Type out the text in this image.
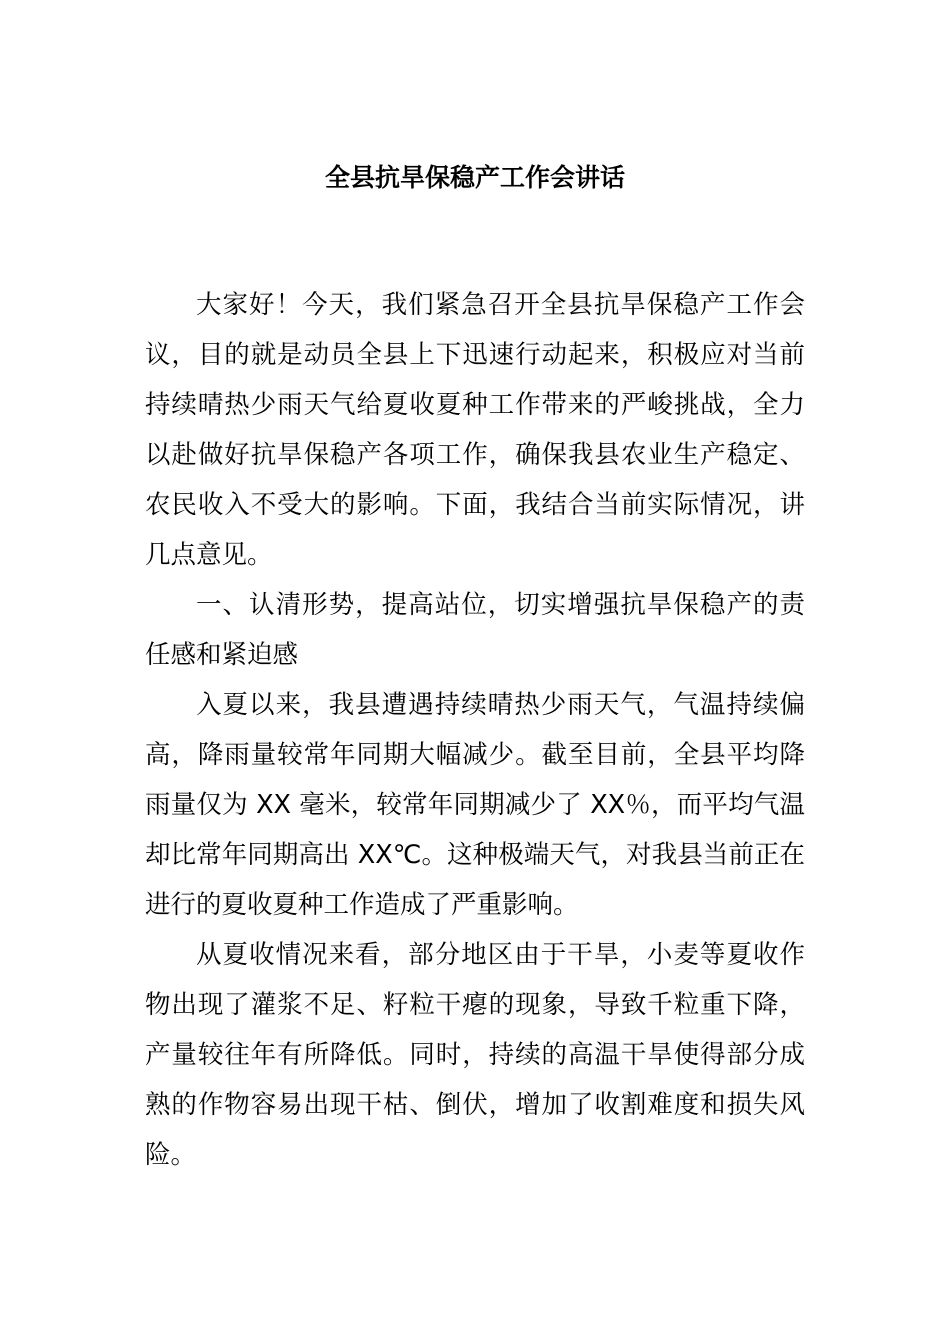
全县抗旱保稳产工作会讲话

大家好！今天，我们紧急召开全县抗旱保稳产工作会议，目的就是动员全县上下迅速行动起来，积极应对当前持续晴热少雨天气给夏收夏种工作带来的严峻挑战，全力以赴做好抗旱保稳产各项工作，确保我县农业生产稳定、农民收入不受大的影响。下面，我结合当前实际情况，讲几点意见。

一、认清形势，提高站位，切实增强抗旱保稳产的责任感和紧迫感

入夏以来，我县遭遇持续晴热少雨天气，气温持续偏高，降雨量较常年同期大幅减少。截至目前，全县平均降雨量仅为 XX 毫米，较常年同期减少了 XX％，而平均气温却比常年同期高出 XX℃。这种极端天气，对我县当前正在进行的夏收夏种工作造成了严重影响。

从夏收情况来看，部分地区由于干旱，小麦等夏收作物出现了灌浆不足、籽粒干瘪的现象，导致千粒重下降，产量较往年有所降低。同时，持续的高温干旱使得部分成熟的作物容易出现干枯、倒伏，增加了收割难度和损失风险。
